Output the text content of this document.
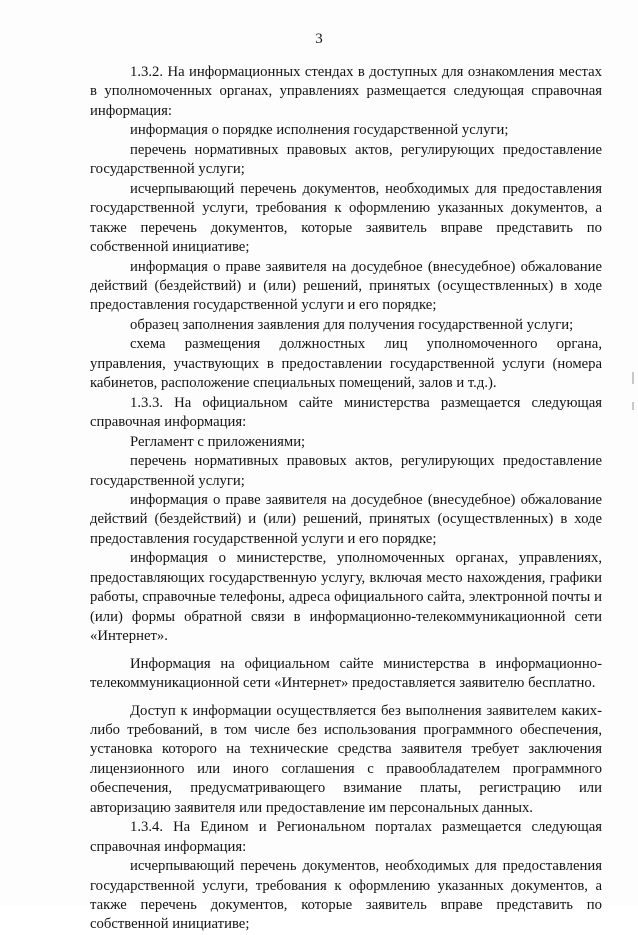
3

1.3.2. На информационных стендах в доступных для ознакомления местах в уполномоченных органах, управлениях размещается следующая справочная информация:

информация о порядке исполнения государственной услуги;

перечень нормативных правовых актов, регулирующих предоставление государственной услуги;

исчерпывающий перечень документов, необходимых для предоставления государственной услуги, требования к оформлению указанных документов, а также перечень документов, которые заявитель вправе представить по собственной инициативе;

информация о праве заявителя на досудебное (внесудебное) обжалование действий (бездействий) и (или) решений, принятых (осуществленных) в ходе предоставления государственной услуги и его порядке;

образец заполнения заявления для получения государственной услуги;

схема размещения должностных лиц уполномоченного органа, управления, участвующих в предоставлении государственной услуги (номера кабинетов, расположение специальных помещений, залов и т.д.).

1.3.3. На официальном сайте министерства размещается следующая справочная информация:

Регламент с приложениями;

перечень нормативных правовых актов, регулирующих предоставление государственной услуги;

информация о праве заявителя на досудебное (внесудебное) обжалование действий (бездействий) и (или) решений, принятых (осуществленных) в ходе предоставления государственной услуги и его порядке;

информация о министерстве, уполномоченных органах, управлениях, предоставляющих государственную услугу, включая место нахождения, графики работы, справочные телефоны, адреса официального сайта, электронной почты и (или) формы обратной связи в информационно-телекоммуникационной сети «Интернет».

Информация на официальном сайте министерства в информационно-телекоммуникационной сети «Интернет» предоставляется заявителю бесплатно.

Доступ к информации осуществляется без выполнения заявителем каких-либо требований, в том числе без использования программного обеспечения, установка которого на технические средства заявителя требует заключения лицензионного или иного соглашения с правообладателем программного обеспечения, предусматривающего взимание платы, регистрацию или авторизацию заявителя или предоставление им персональных данных.

1.3.4. На Едином и Региональном порталах размещается следующая справочная информация:

исчерпывающий перечень документов, необходимых для предоставления государственной услуги, требования к оформлению указанных документов, а также перечень документов, которые заявитель вправе представить по собственной инициативе;
